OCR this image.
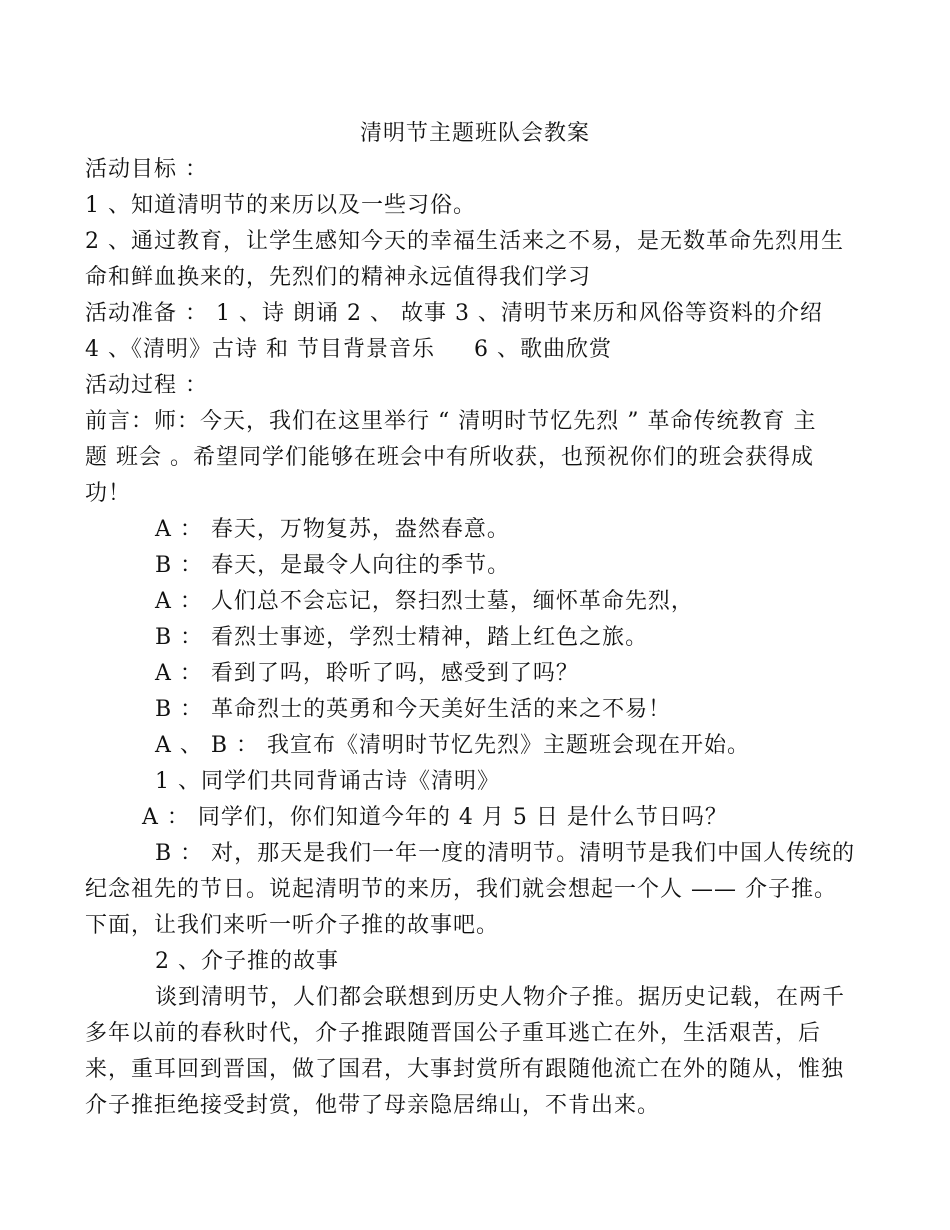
清明节主题班队会教案
活动目标 ：
1 、知道清明节的来历以及一些习俗。
2 、通过教育，让学生感知今天的幸福生活来之不易，是无数革命先烈用生
命和鲜血换来的，先烈们的精神永远值得我们学习
活动准备 ： 1 、诗 朗诵 2 、 故事 3 、清明节来历和风俗等资料的介绍
4 、《清明》古诗 和 节目背景音乐 　 6 、歌曲欣赏
活动过程 ：
前言：师：今天，我们在这里举行 “ 清明时节忆先烈 ” 革命传统教育 主
题 班会 。希望同学们能够在班会中有所收获，也预祝你们的班会获得成
功！
A ： 春天，万物复苏，盎然春意。
B ： 春天，是最令人向往的季节。
A ： 人们总不会忘记，祭扫烈士墓，缅怀革命先烈，
B ： 看烈士事迹，学烈士精神，踏上红色之旅。
A ： 看到了吗，聆听了吗，感受到了吗？
B ： 革命烈士的英勇和今天美好生活的来之不易！
A 、 B ： 我宣布《清明时节忆先烈》主题班会现在开始。
1 、同学们共同背诵古诗《清明》
A ： 同学们，你们知道今年的 4 月 5 日 是什么节日吗？
B ： 对，那天是我们一年一度的清明节。清明节是我们中国人传统的
纪念祖先的节日。说起清明节的来历，我们就会想起一个人 —— 介子推。
下面，让我们来听一听介子推的故事吧。
2 、介子推的故事
谈到清明节，人们都会联想到历史人物介子推。据历史记载，在两千
多年以前的春秋时代，介子推跟随晋国公子重耳逃亡在外，生活艰苦，后
来，重耳回到晋国，做了国君，大事封赏所有跟随他流亡在外的随从，惟独
介子推拒绝接受封赏，他带了母亲隐居绵山，不肯出来。
